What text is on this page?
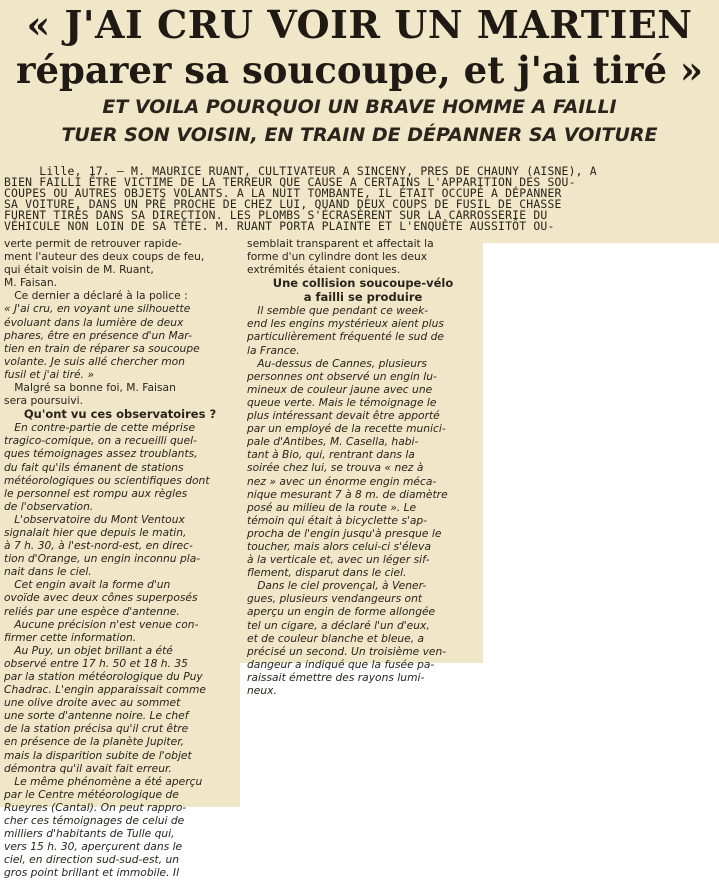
« J'AI CRU VOIR UN MARTIEN
réparer sa soucoupe, et j'ai tiré »
ET VOILA POURQUOI UN BRAVE HOMME A FAILLI
TUER SON VOISIN, EN TRAIN DE DÉPANNER SA VOITURE
Lille, 17. — M. MAURICE RUANT, CULTIVATEUR A SINCENY, PRES DE CHAUNY (AISNE), A
BIEN FAILLI ÊTRE VICTIME DE LA TERREUR QUE CAUSE A CERTAINS L'APPARITION DES SOU-
COUPES OU AUTRES OBJETS VOLANTS. A LA NUIT TOMBANTE, IL ÉTAIT OCCUPÉ A DÉPANNER
SA VOITURE, DANS UN PRÉ PROCHE DE CHEZ LUI, QUAND DEUX COUPS DE FUSIL DE CHASSE
FURENT TIRÉS DANS SA DIRECTION. LES PLOMBS S'ÉCRASÈRENT SUR LA CARROSSERIE DU
VÉHICULE NON LOIN DE SA TÊTE. M. RUANT PORTA PLAINTE ET L'ENQUÊTE AUSSITÔT OU-
verte permit de retrouver rapide-
ment l'auteur des deux coups de feu,
qui était voisin de M. Ruant,
M. Faisan.
Ce dernier a déclaré à la police :
« J'ai cru, en voyant une silhouette
évoluant dans la lumière de deux
phares, être en présence d'un Mar-
tien en train de réparer sa soucoupe
volante. Je suis allé chercher mon
fusil et j'ai tiré. »
Malgré sa bonne foi, M. Faisan
sera poursuivi.
Qu'ont vu ces observatoires ?
En contre-partie de cette méprise
tragico-comique, on a recueilli quel-
ques témoignages assez troublants,
du fait qu'ils émanent de stations
météorologiques ou scientifiques dont
le personnel est rompu aux règles
de l'observation.
L'observatoire du Mont Ventoux
signalait hier que depuis le matin,
à 7 h. 30, à l'est-nord-est, en direc-
tion d'Orange, un engin inconnu pla-
nait dans le ciel.
Cet engin avait la forme d'un
ovoïde avec deux cônes superposés
reliés par une espèce d'antenne.
Aucune précision n'est venue con-
firmer cette information.
Au Puy, un objet brillant a été
observé entre 17 h. 50 et 18 h. 35
par la station météorologique du Puy
Chadrac. L'engin apparaissait comme
une olive droite avec au sommet
une sorte d'antenne noire. Le chef
de la station précisa qu'il crut être
en présence de la planète Jupiter,
mais la disparition subite de l'objet
démontra qu'il avait fait erreur.
Le même phénomène a été aperçu
par le Centre météorologique de
Rueyres (Cantal). On peut rappro-
cher ces témoignages de celui de
milliers d'habitants de Tulle qui,
vers 15 h. 30, aperçurent dans le
ciel, en direction sud-sud-est, un
gros point brillant et immobile. Il
semblait transparent et affectait la
forme d'un cylindre dont les deux
extrémités étaient coniques.
Une collision soucoupe-vélo
a failli se produire
Il semble que pendant ce week-
end les engins mystérieux aient plus
particulièrement fréquenté le sud de
la France.
Au-dessus de Cannes, plusieurs
personnes ont observé un engin lu-
mineux de couleur jaune avec une
queue verte. Mais le témoignage le
plus intéressant devait être apporté
par un employé de la recette munici-
pale d'Antibes, M. Casella, habi-
tant à Bio, qui, rentrant dans la
soirée chez lui, se trouva « nez à
nez » avec un énorme engin méca-
nique mesurant 7 à 8 m. de diamètre
posé au milieu de la route ». Le
témoin qui était à bicyclette s'ap-
procha de l'engin jusqu'à presque le
toucher, mais alors celui-ci s'éleva
à la verticale et, avec un léger sif-
flement, disparut dans le ciel.
Dans le ciel provençal, à Vener-
gues, plusieurs vendangeurs ont
aperçu un engin de forme allongée
tel un cigare, a déclaré l'un d'eux,
et de couleur blanche et bleue, a
précisé un second. Un troisième ven-
dangeur a indiqué que la fusée pa-
raissait émettre des rayons lumi-
neux.
